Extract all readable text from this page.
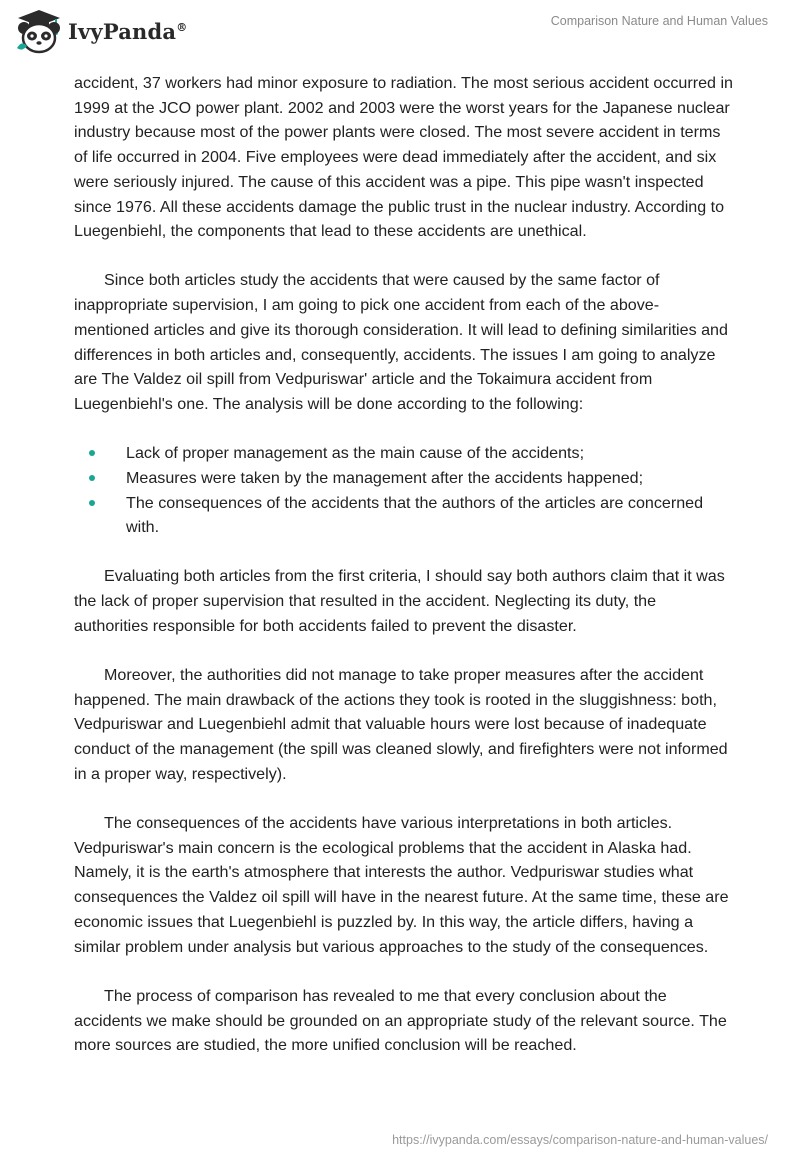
IvyPanda®	Comparison Nature and Human Values

accident, 37 workers had minor exposure to radiation. The most serious accident occurred in 1999 at the JCO power plant. 2002 and 2003 were the worst years for the Japanese nuclear industry because most of the power plants were closed. The most severe accident in terms of life occurred in 2004. Five employees were dead immediately after the accident, and six were seriously injured. The cause of this accident was a pipe. This pipe wasn't inspected since 1976. All these accidents damage the public trust in the nuclear industry. According to Luegenbiehl, the components that lead to these accidents are unethical.

Since both articles study the accidents that were caused by the same factor of inappropriate supervision, I am going to pick one accident from each of the above-mentioned articles and give its thorough consideration. It will lead to defining similarities and differences in both articles and, consequently, accidents. The issues I am going to analyze are The Valdez oil spill from Vedpuriswar' article and the Tokaimura accident from Luegenbiehl's one. The analysis will be done according to the following:

Lack of proper management as the main cause of the accidents;
Measures were taken by the management after the accidents happened;
The consequences of the accidents that the authors of the articles are concerned with.

Evaluating both articles from the first criteria, I should say both authors claim that it was the lack of proper supervision that resulted in the accident. Neglecting its duty, the authorities responsible for both accidents failed to prevent the disaster.

Moreover, the authorities did not manage to take proper measures after the accident happened. The main drawback of the actions they took is rooted in the sluggishness: both, Vedpuriswar and Luegenbiehl admit that valuable hours were lost because of inadequate conduct of the management (the spill was cleaned slowly, and firefighters were not informed in a proper way, respectively).

The consequences of the accidents have various interpretations in both articles. Vedpuriswar's main concern is the ecological problems that the accident in Alaska had. Namely, it is the earth's atmosphere that interests the author. Vedpuriswar studies what consequences the Valdez oil spill will have in the nearest future. At the same time, these are economic issues that Luegenbiehl is puzzled by. In this way, the article differs, having a similar problem under analysis but various approaches to the study of the consequences.

The process of comparison has revealed to me that every conclusion about the accidents we make should be grounded on an appropriate study of the relevant source. The more sources are studied, the more unified conclusion will be reached.

https://ivypanda.com/essays/comparison-nature-and-human-values/
